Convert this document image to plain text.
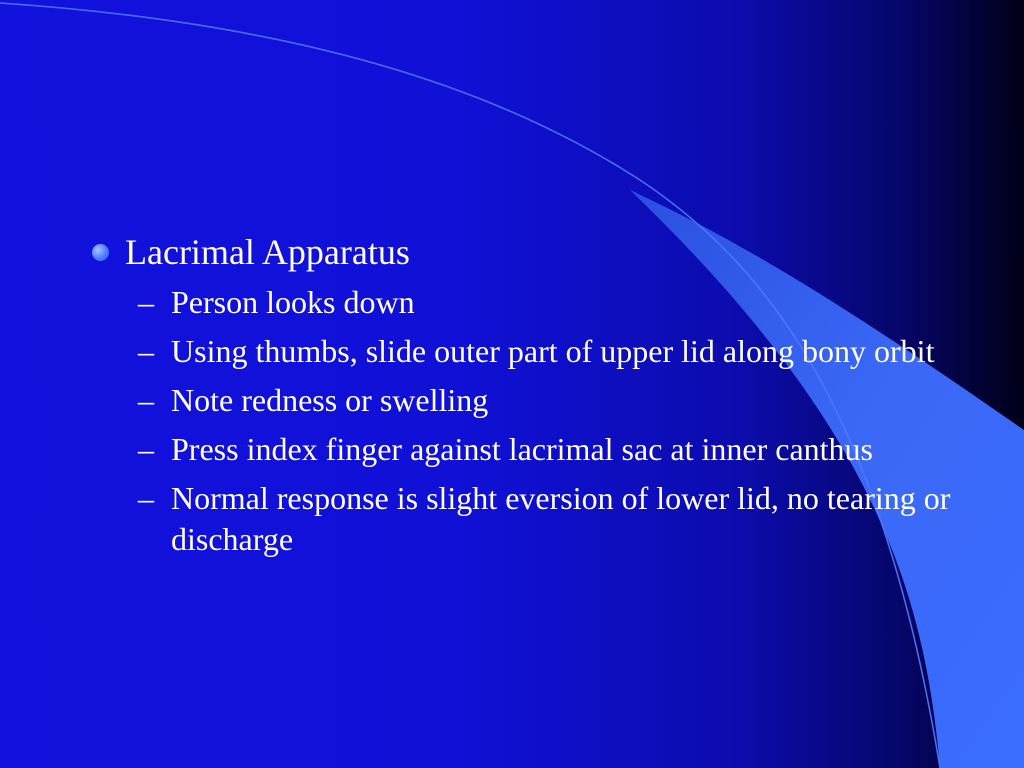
Lacrimal Apparatus
– Person looks down
– Using thumbs, slide outer part of upper lid along bony orbit
– Note redness or swelling
– Press index finger against lacrimal sac at inner canthus
– Normal response is slight eversion of lower lid, no tearing or discharge
